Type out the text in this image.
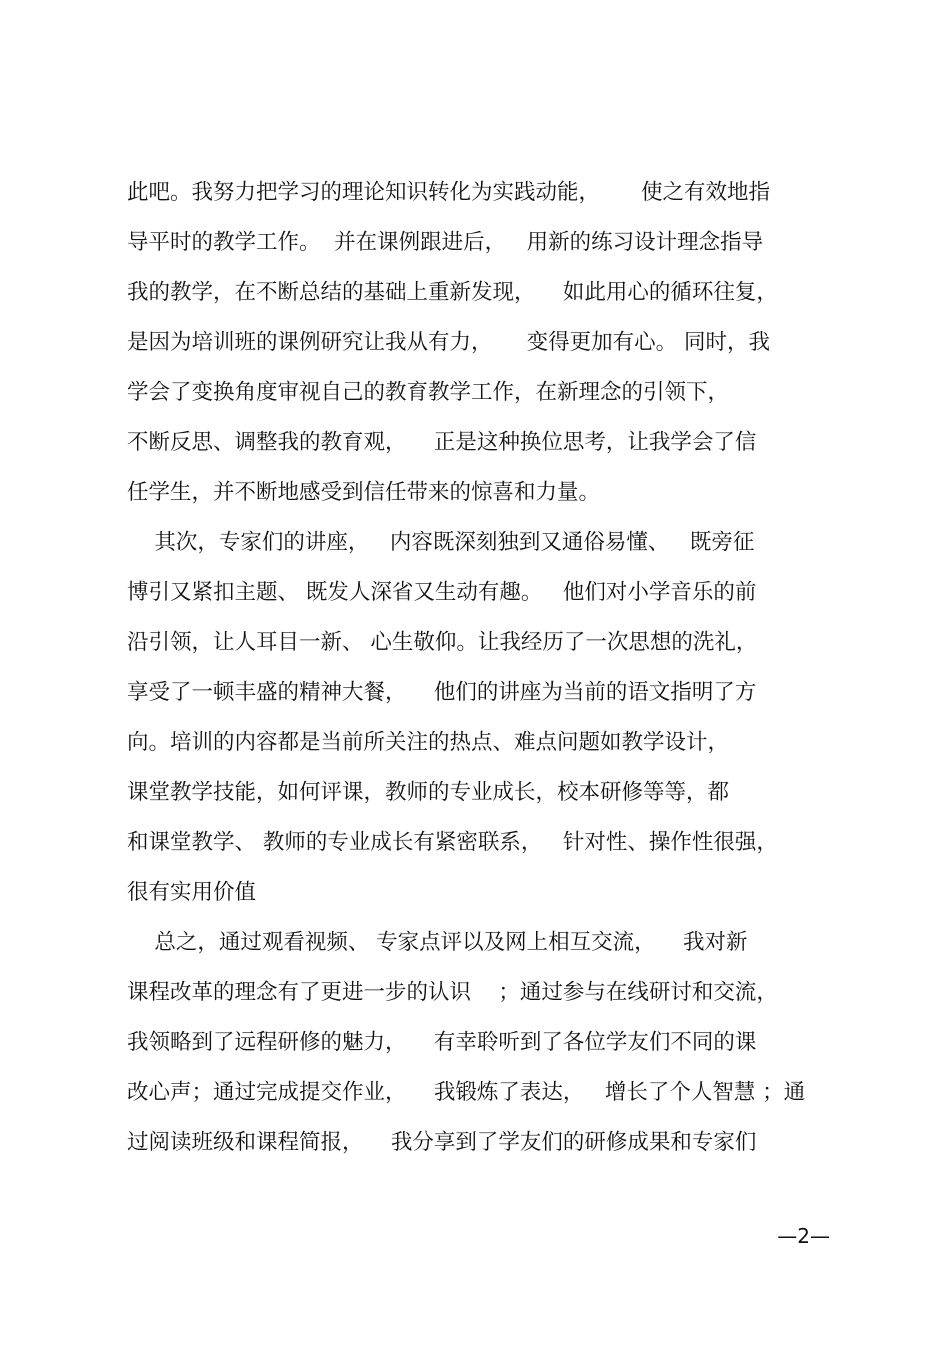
此吧。我努力把学习的理论知识转化为实践动能，      使之有效地指
导平时的教学工作。  并在课例跟进后，   用新的练习设计理念指导
我的教学，在不断总结的基础上重新发现，    如此用心的循环往复，
是因为培训班的课例研究让我从有力，     变得更加有心。 同时，我
学会了变换角度审视自己的教育教学工作，在新理念的引领下，
不断反思、调整我的教育观，    正是这种换位思考，让我学会了信
任学生，并不断地感受到信任带来的惊喜和力量。
其次，专家们的讲座，   内容既深刻独到又通俗易懂、   既旁征
博引又紧扣主题、 既发人深省又生动有趣。   他们对小学音乐的前
沿引领，让人耳目一新、 心生敬仰。让我经历了一次思想的洗礼，
享受了一顿丰盛的精神大餐，    他们的讲座为当前的语文指明了方
向。培训的内容都是当前所关注的热点、难点问题如教学设计，
课堂教学技能，如何评课，教师的专业成长，校本研修等等，都
和课堂教学、 教师的专业成长有紧密联系，   针对性、操作性很强，
很有实用价值
总之，通过观看视频、 专家点评以及网上相互交流，    我对新
课程改革的理念有了更进一步的认识    ；通过参与在线研讨和交流，
我领略到了远程研修的魅力，    有幸聆听到了各位学友们不同的课
改心声；通过完成提交作业，    我锻炼了表达，   增长了个人智慧 ；通
过阅读班级和课程简报，    我分享到了学友们的研修成果和专家们
—2—
